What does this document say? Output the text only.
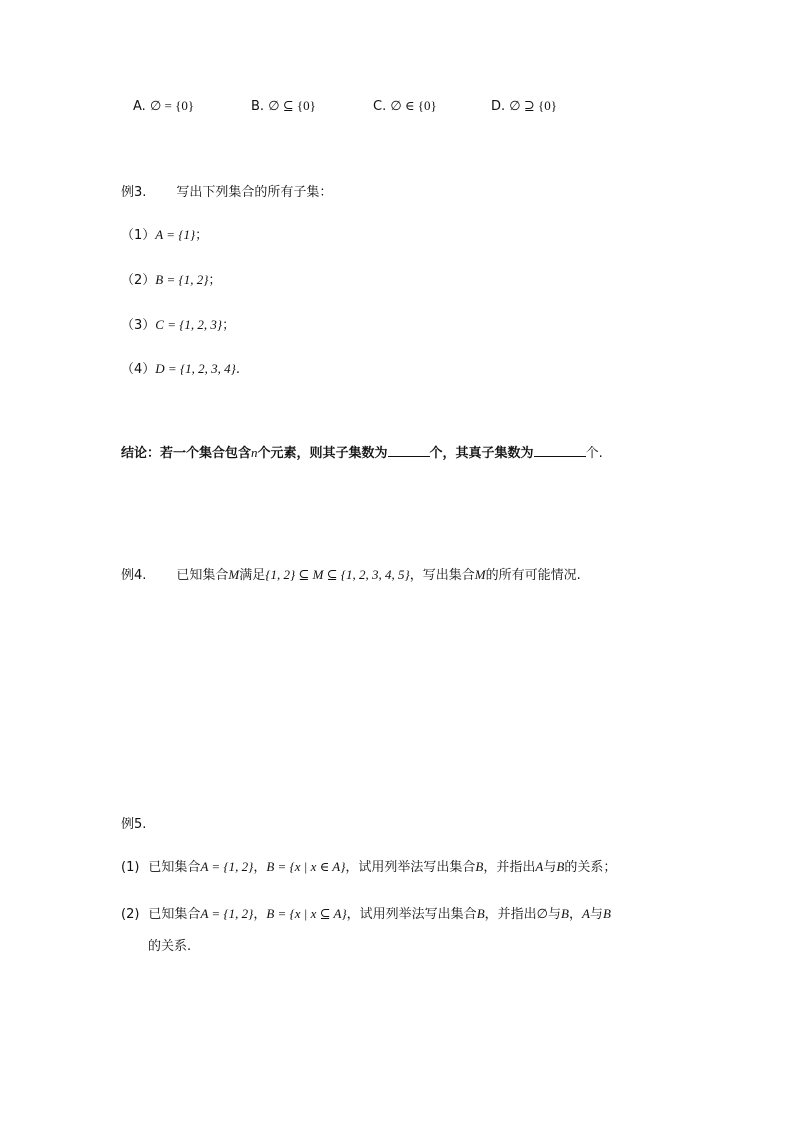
A. ∅ = {0}	B. ∅ ⊆ {0}	C. ∅ ∈ {0}	D. ∅ ⊇ {0}
例3. 写出下列集合的所有子集：
（1）A = {1}；
（2）B = {1, 2}；
（3）C = {1, 2, 3}；
（4）D = {1, 2, 3, 4}.
结论：若一个集合包含n个元素，则其子集数为	个，其真子集数为	个.
例4. 已知集合M满足{1, 2} ⊆ M ⊆ {1, 2, 3, 4, 5}，写出集合M的所有可能情况.
例5.
(1) 已知集合A = {1, 2}，B = {x | x ∈ A}，试用列举法写出集合B，并指出A与B的关系；
(2) 已知集合A = {1, 2}，B = {x | x ⊆ A}，试用列举法写出集合B，并指出∅与B，A与B
的关系.
